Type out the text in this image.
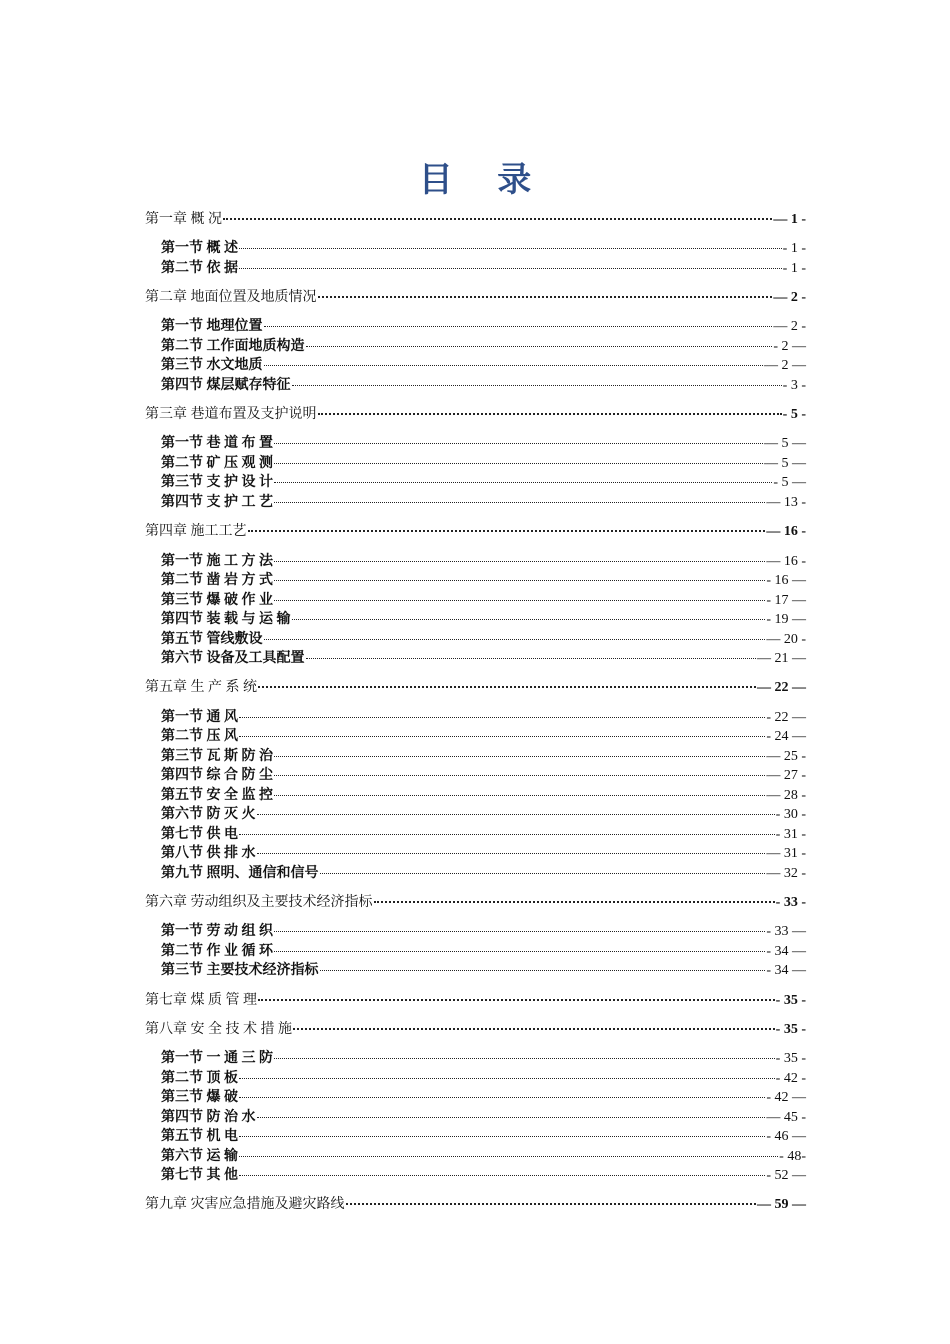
目 录
第一章 概 况	— 1 -
第一节 概 述	- 1 -
第二节 依 据	- 1 -
第二章 地面位置及地质情况	— 2 -
第一节 地理位置	— 2 -
第二节 工作面地质构造	- 2 —
第三节 水文地质	— 2 —
第四节 煤层赋存特征	- 3 -
第三章 巷道布置及支护说明	- 5 -
第一节 巷 道 布 置	— 5 —
第二节 矿 压 观 测	— 5 —
第三节 支 护 设 计	- 5 —
第四节 支 护 工 艺	— 13 -
第四章 施工工艺	— 16 -
第一节 施 工 方 法	— 16 -
第二节 凿 岩 方 式	- 16 —
第三节 爆 破 作 业	- 17 —
第四节 装 载 与 运 输	- 19 —
第五节 管线敷设	— 20 -
第六节 设备及工具配置	— 21 —
第五章 生 产 系 统	— 22 —
第一节 通 风	- 22 —
第二节 压 风	- 24 —
第三节 瓦 斯 防 治	— 25 -
第四节 综 合 防 尘	— 27 -
第五节 安 全 监 控	— 28 -
第六节 防 灭 火	- 30 -
第七节 供 电	- 31 -
第八节 供 排 水	— 31 -
第九节 照明、通信和信号	— 32 -
第六章 劳动组织及主要技术经济指标	- 33 -
第一节 劳 动 组 织	- 33 —
第二节 作 业 循 环	- 34 —
第三节 主要技术经济指标	- 34 —
第七章 煤 质 管 理	- 35 -
第八章 安 全 技 术 措 施	- 35 -
第一节 一 通 三 防	- 35 -
第二节 顶 板	- 42 -
第三节 爆 破	- 42 —
第四节 防 治 水	— 45 -
第五节 机 电	- 46 —
第六节 运 输	- 48-
第七节 其 他	- 52 —
第九章 灾害应急措施及避灾路线	— 59 —
